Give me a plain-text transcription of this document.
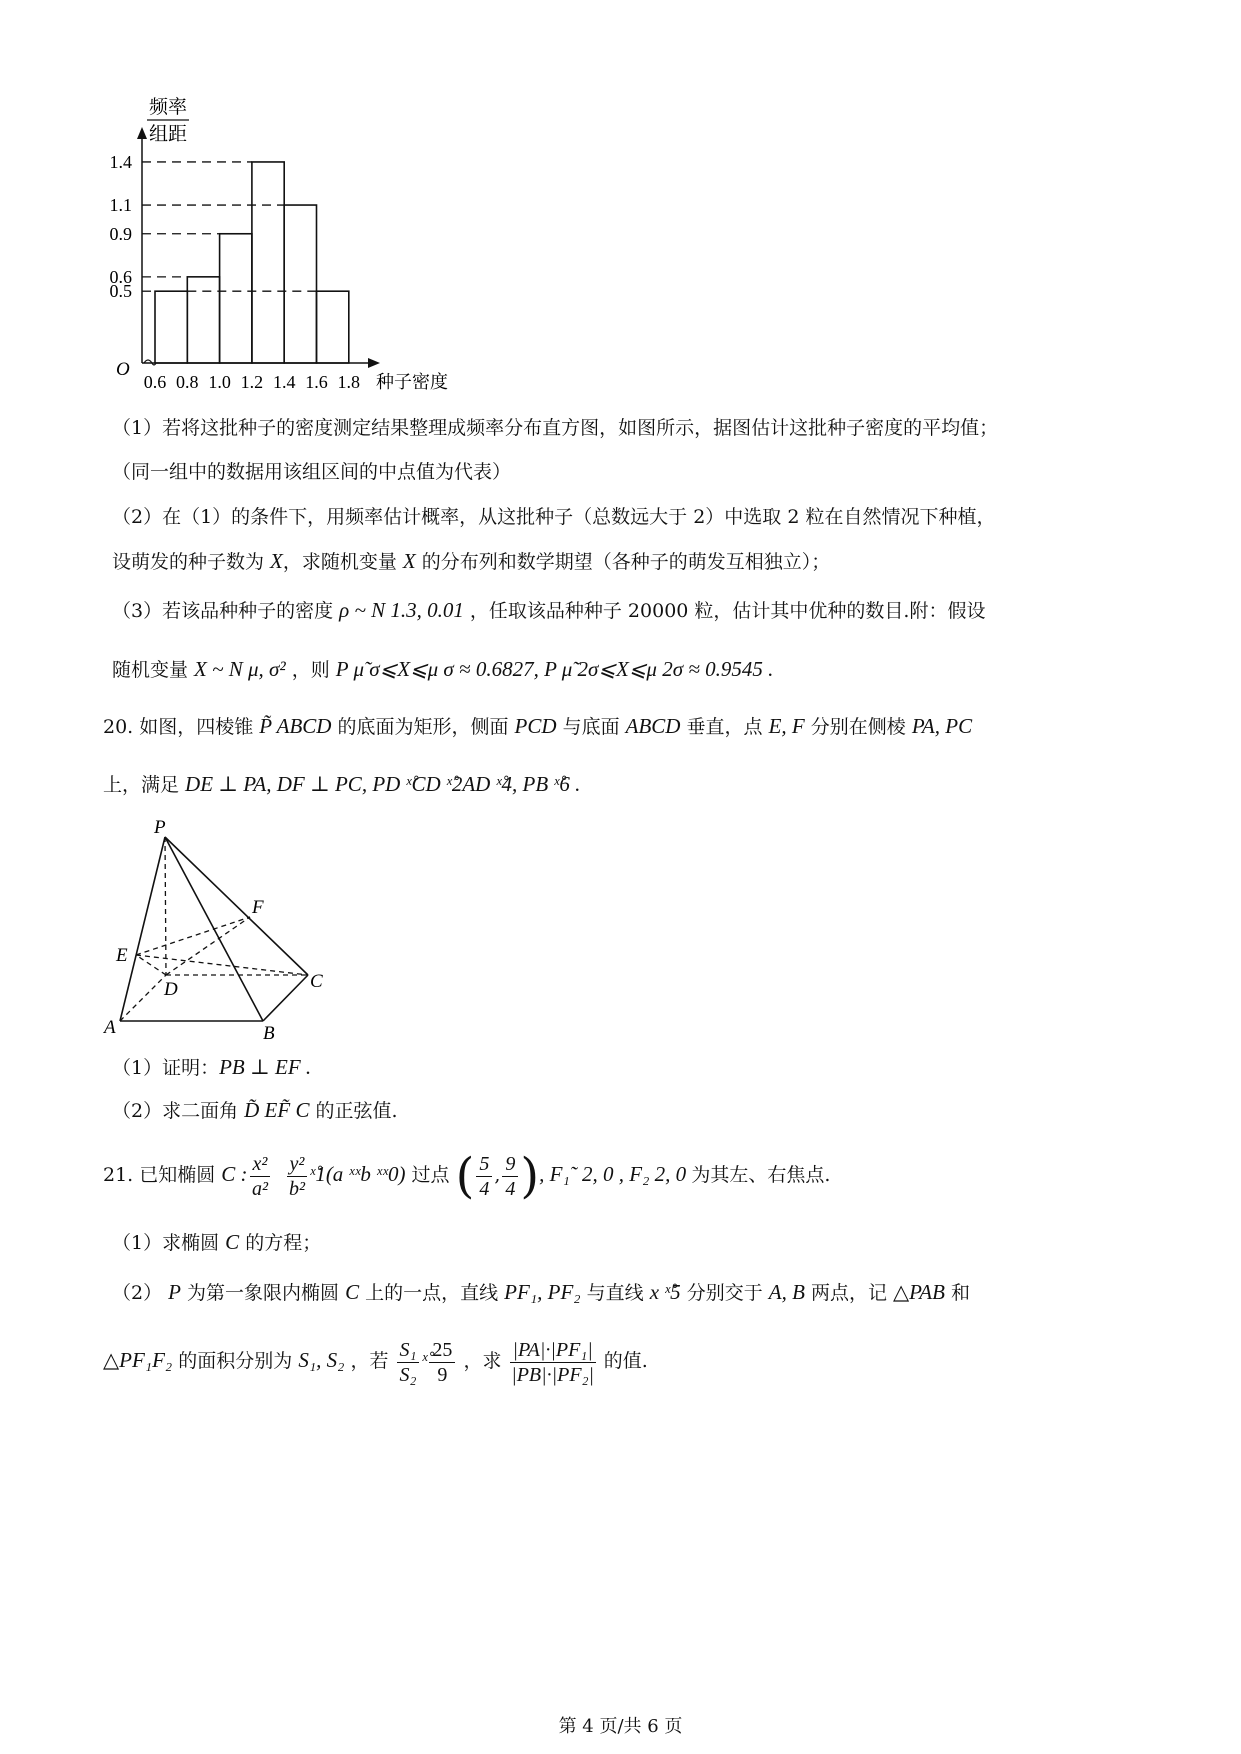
1.4
1.1
0.9
0.6
0.5
0.6 0.8 1.0 1.2 1.4 1.6 1.8
频率
组距
O
种子密度
（1）若将这批种子的密度测定结果整理成频率分布直方图，如图所示，据图估计这批种子密度的平均值；
（同一组中的数据用该组区间的中点值为代表）
（2）在（1）的条件下，用频率估计概率，从这批种子（总数远大于 2）中选取 2 粒在自然情况下种植，
设萌发的种子数为 X，求随机变量 X 的分布列和数学期望（各种子的萌发互相独立）；
（3）若该品种种子的密度 ρ ~ N 1.3, 0.01 ，任取该品种种子 20000 粒，估计其中优种的数目.附：假设
随机变量 X ~ N μ, σ² ，则 P μ̃ σ⩽X⩽μ σ ≈ 0.6827, P μ̃ 2σ⩽X⩽μ 2σ ≈ 0.9545 .
20. 如图，四棱锥 P̃ ABCD 的底面为矩形，侧面 PCD 与底面 ABCD 垂直，点 E, F 分别在侧棱 PA, PC
上，满足 DE ⊥ PA, DF ⊥ PC, PD ˣ̊CD ˣ̊2AD ˣ̊4, PB ˣ̊6 .
P
F
E
D	C
A	B
（1）证明：PB ⊥ EF .
（2）求二面角 D̃ EF̃ C 的正弦值.
21. 已知椭圆 C : $\frac{\text{x²}}{\text{a²}}$
$\frac{\text{y²}}{\text{b²}}$ ˣ̊1(a ˣˣb ˣˣ0) 过点 ( $\frac{5}{4}$ , $\frac{9}{4}$ ), F₁˜ 2, 0 , F₂ 2, 0 为其左、右焦点.
（1）求椭圆 C 的方程；
（2） P 为第一象限内椭圆 C 上的一点，直线 PF₁, PF₂ 与直线 x ˣ̊5 分别交于 A, B 两点，记 △PAB 和
△PF₁F₂ 的面积分别为 S₁, S₂ ，若 $\frac{\text{S₁}}{\text{S₂}}$ ˣ̊ $\frac{25}{9}$ ，求 $\frac{\text{|PA|·|PF₁|}}{\text{|PB|·|PF₂|}}$ 的值.
第 4 页/共 6 页
